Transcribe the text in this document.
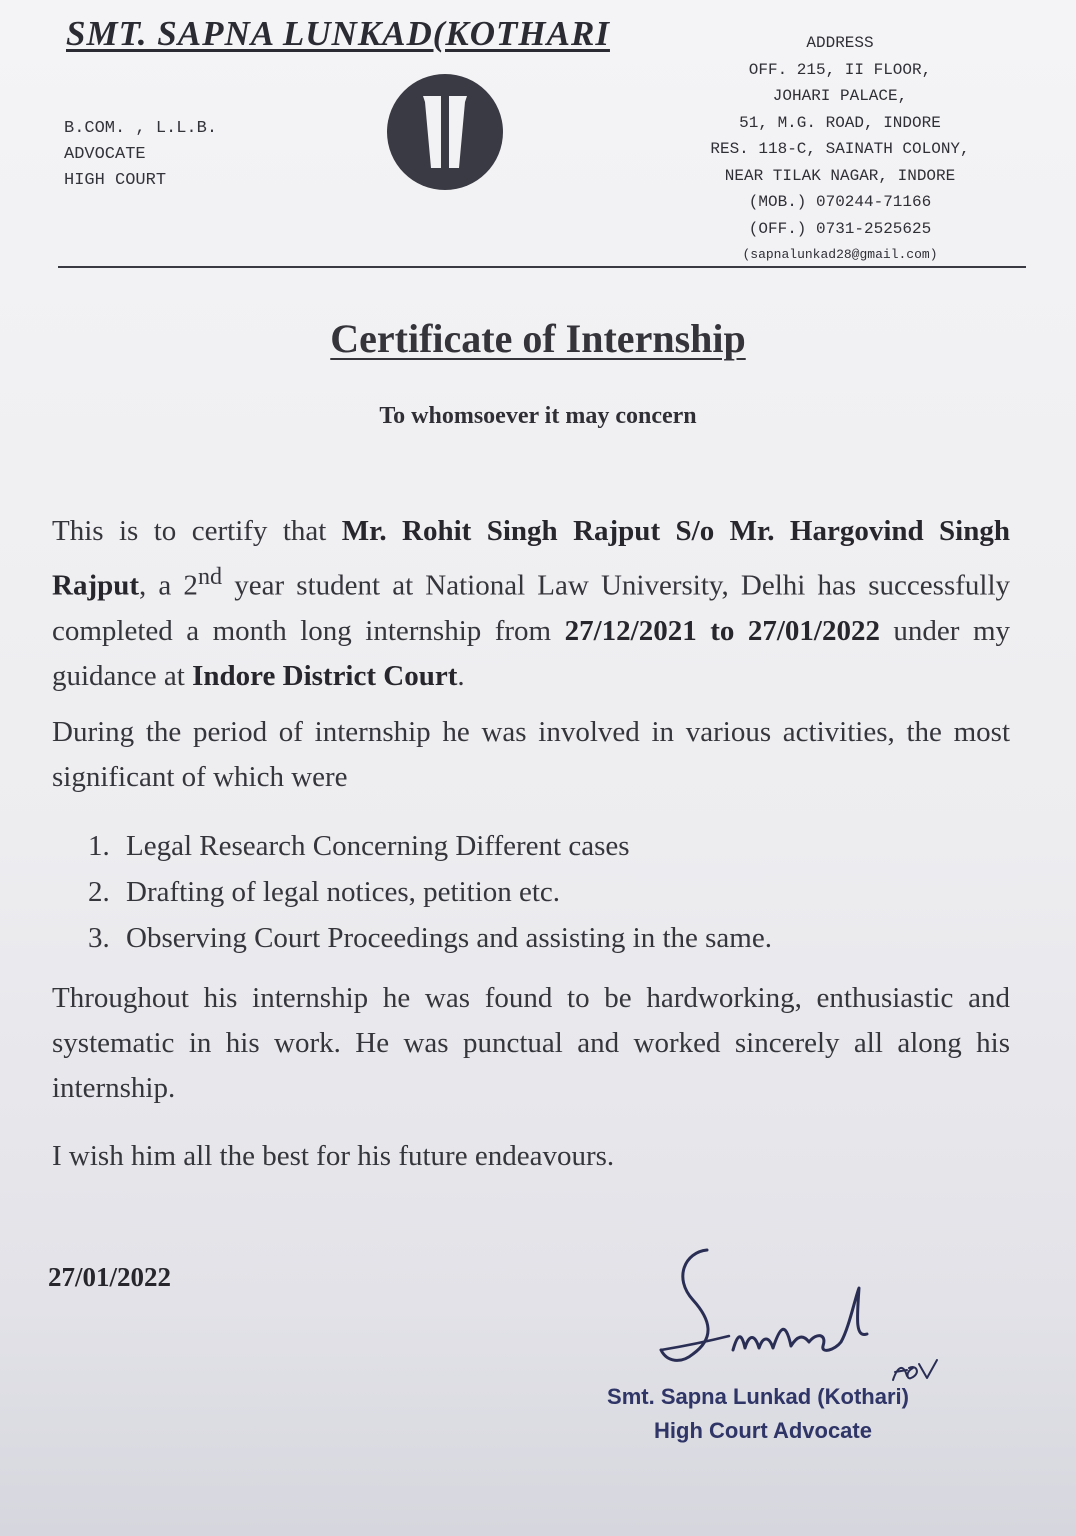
SMT. SAPNA LUNKAD(KOTHARI
B.COM. , L.L.B.
ADVOCATE
HIGH COURT
ADDRESS
OFF. 215, II FLOOR,
JOHARI PALACE,
51, M.G. ROAD, INDORE
RES. 118-C, SAINATH COLONY,
NEAR TILAK NAGAR, INDORE
(MOB.) 070244-71166
(OFF.) 0731-2525625
(sapnalunkad28@gmail.com)
Certificate of Internship
To whomsoever it may concern
This is to certify that Mr. Rohit Singh Rajput S/o Mr. Hargovind Singh Rajput, a 2nd year student at National Law University, Delhi has successfully completed a month long internship from 27/12/2021 to 27/01/2022 under my guidance at Indore District Court.
During the period of internship he was involved in various activities, the most significant of which were
1. Legal Research Concerning Different cases
2. Drafting of legal notices, petition etc.
3. Observing Court Proceedings and assisting in the same.
Throughout his internship he was found to be hardworking, enthusiastic and systematic in his work. He was punctual and worked sincerely all along his internship.
I wish him all the best for his future endeavours.
27/01/2022
Smt. Sapna Lunkad (Kothari)
High Court Advocate
